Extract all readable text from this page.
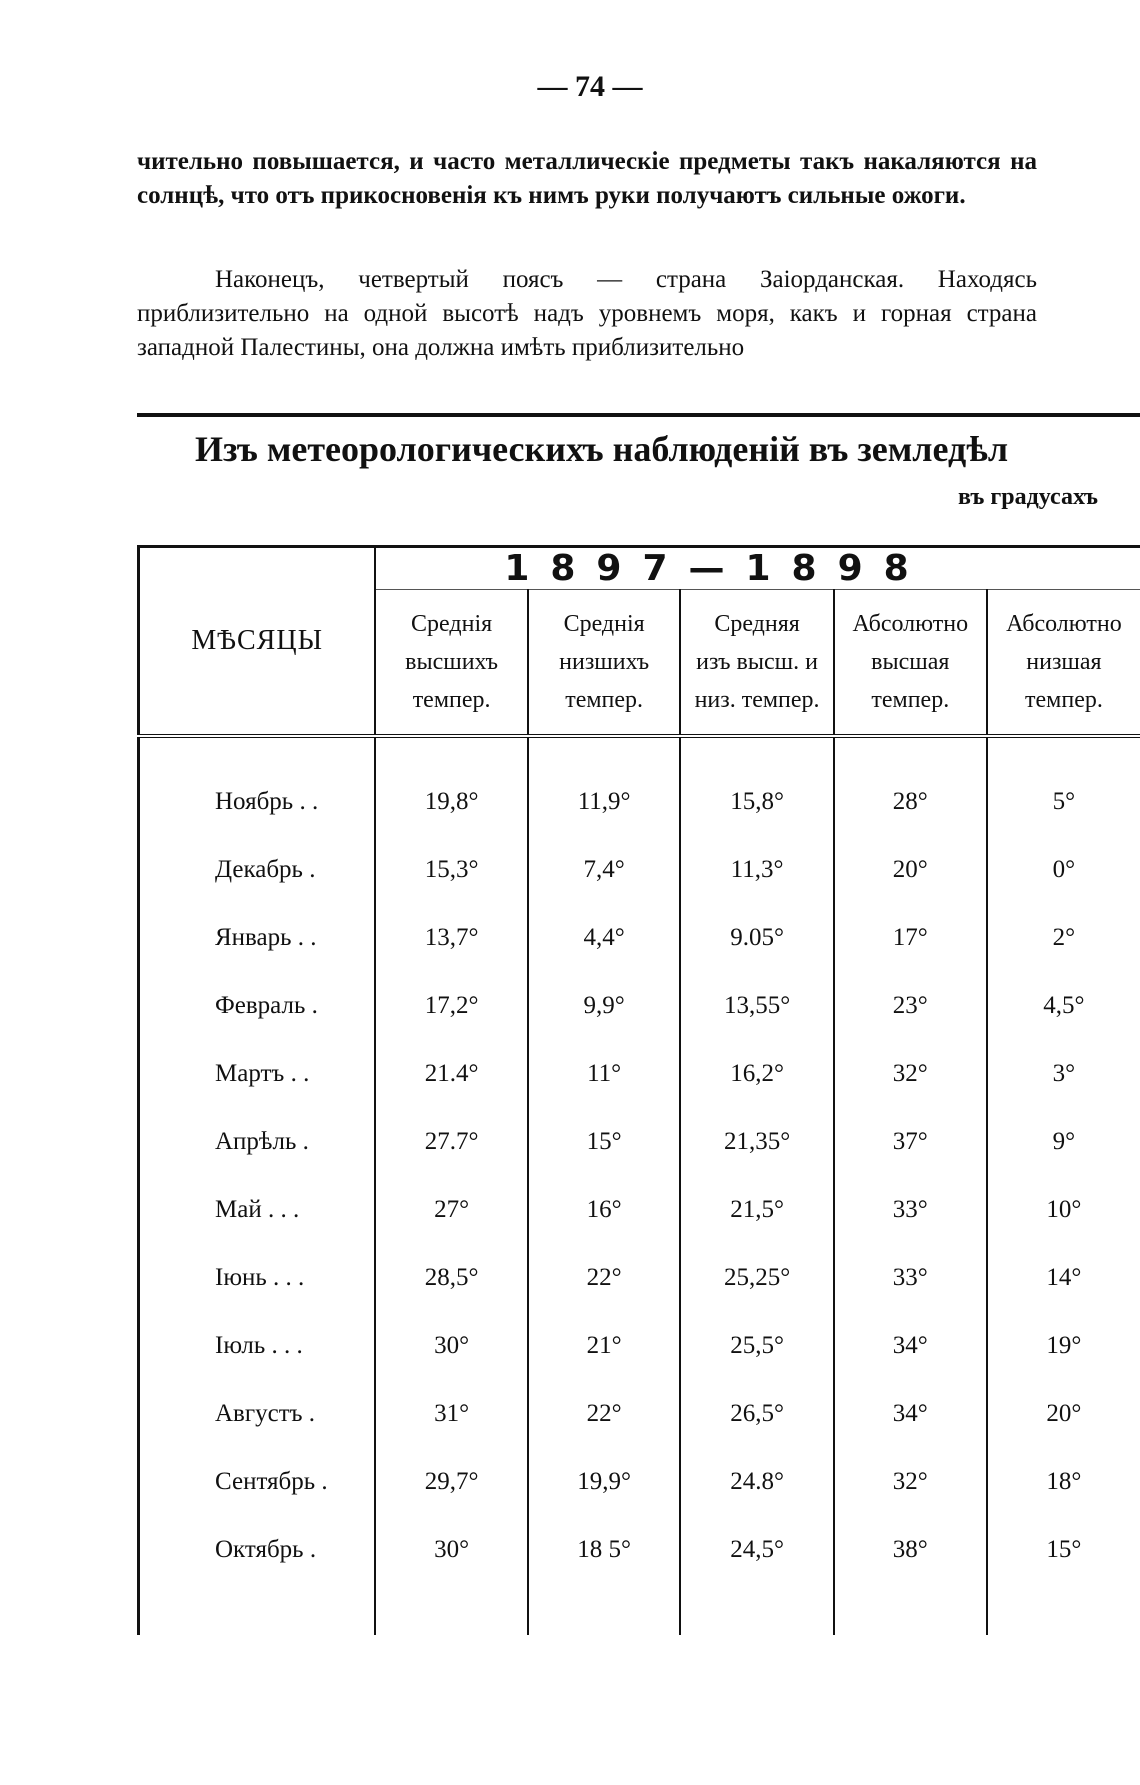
— 74 —

чительно повышается, и часто металлическіе предметы такъ накаляются на солнцѣ, что отъ прикосновенія къ нимъ руки получаютъ сильные ожоги.

Наконецъ, четвертый поясъ — страна Заіорданская. Находясь приблизительно на одной высотѣ надъ уровнемъ моря, какъ и горная страна западной Палестины, она должна имѣть приблизительно

Изъ метеорологическихъ наблюденій въ земледѣл
въ градусахъ
МѢСЯЦЫ	1897—1898				
	Среднія
высшихъ
темпер.	Среднія
низшихъ
темпер.	Средняя
изъ высш. и
низ. темпер.	Абсолютно
высшая
темпер.	Абсолютно
низшая
темпер.

Ноябрь . .	19,8°	11,9°	15,8°	28°	5°
Декабрь .	15,3°	7,4°	11,3°	20°	0°
Январь . .	13,7°	4,4°	9.05°	17°	2°
Февраль .	17,2°	9,9°	13,55°	23°	4,5°
Мартъ . .	21.4°	11°	16,2°	32°	3°
Апрѣль .	27.7°	15°	21,35°	37°	9°
Май . . .	27°	16°	21,5°	33°	10°
Іюнь . . .	28,5°	22°	25,25°	33°	14°
Іюль . . .	30°	21°	25,5°	34°	19°
Августъ .	31°	22°	26,5°	34°	20°
Сентябрь .	29,7°	19,9°	24.8°	32°	18°
Октябрь .	30°	18 5°	24,5°	38°	15°
